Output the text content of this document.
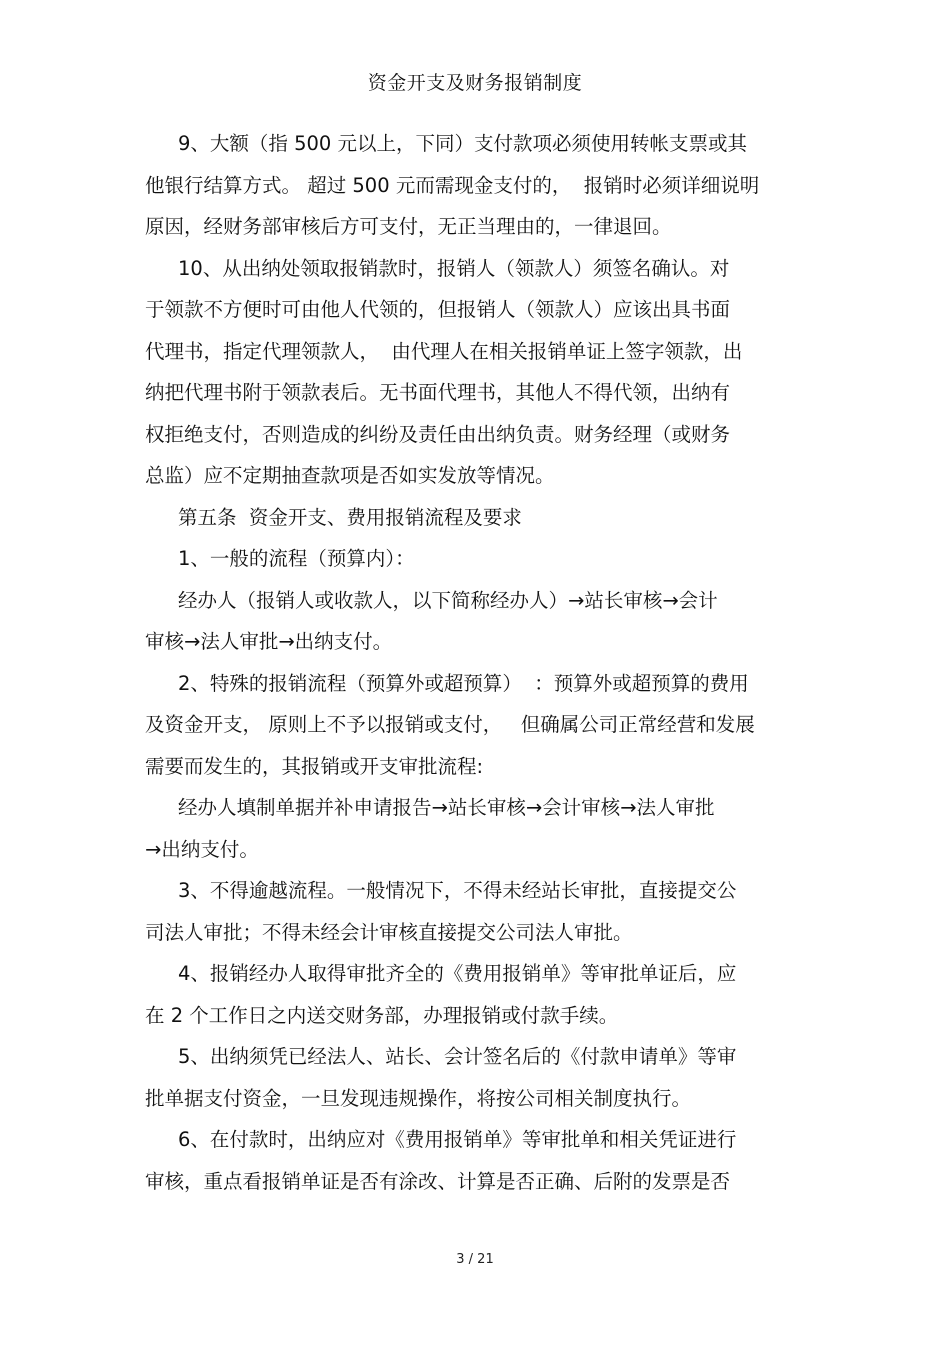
资金开支及财务报销制度
9、大额（指 500 元以上，下同）支付款项必须使用转帐支票或其
他银行结算方式。 超过 500 元而需现金支付的，  报销时必须详细说明
原因，经财务部审核后方可支付，无正当理由的，一律退回。
10、从出纳处领取报销款时，报销人（领款人）须签名确认。对
于领款不方便时可由他人代领的，但报销人（领款人）应该出具书面
代理书，指定代理领款人，  由代理人在相关报销单证上签字领款，出
纳把代理书附于领款表后。无书面代理书，其他人不得代领，出纳有
权拒绝支付，否则造成的纠纷及责任由出纳负责。财务经理（或财务
总监）应不定期抽查款项是否如实发放等情况。
第五条  资金开支、费用报销流程及要求
1、一般的流程（预算内）：
经办人（报销人或收款人，以下简称经办人）→站长审核→会计
审核→法人审批→出纳支付。
2、特殊的报销流程（预算外或超预算）  ：预算外或超预算的费用
及资金开支， 原则上不予以报销或支付，   但确属公司正常经营和发展
需要而发生的，其报销或开支审批流程:
经办人填制单据并补申请报告→站长审核→会计审核→法人审批
→出纳支付。
3、不得逾越流程。一般情况下，不得未经站长审批，直接提交公
司法人审批；不得未经会计审核直接提交公司法人审批。
4、报销经办人取得审批齐全的《费用报销单》等审批单证后，应
在 2 个工作日之内送交财务部，办理报销或付款手续。
5、出纳须凭已经法人、站长、会计签名后的《付款申请单》等审
批单据支付资金，一旦发现违规操作，将按公司相关制度执行。
6、在付款时，出纳应对《费用报销单》等审批单和相关凭证进行
审核，重点看报销单证是否有涂改、计算是否正确、后附的发票是否
3 / 21
